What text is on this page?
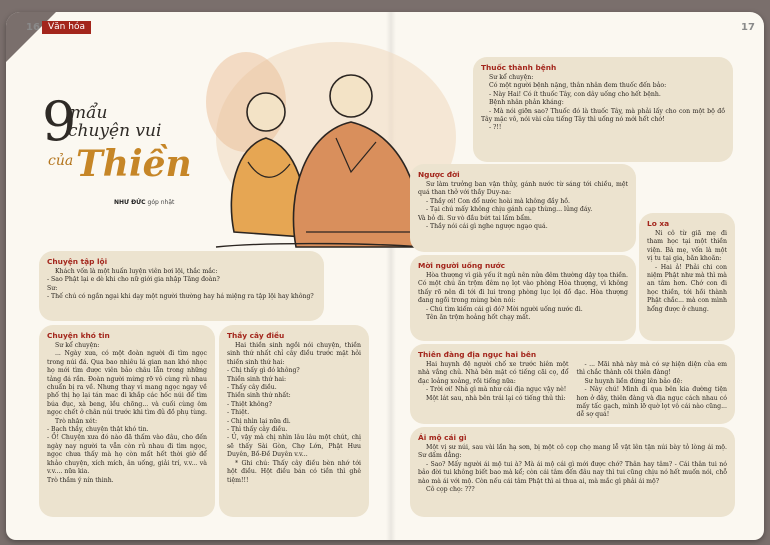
16 Văn hóa	17
9
mẩu
chuyện vui
của Thiền
NHƯ ĐỨC góp nhặt
Chuyện tập lội

Khách vốn là một huấn luyện viên bơi lội, thắc mắc:

- Sao Phật lại e dè khi cho nữ giới gia nhập Tăng đoàn?

Sư:

- Thế chú có ngần ngại khi dạy một người thường hay há miệng ra tập lội hay không?

Chuyện khó tin

Sư kể chuyện:

... Ngày xưa, có một đoàn người đi tìm ngọc trong núi đá. Qua bao nhiêu lá gian nan khó nhọc họ mới tìm được viên bảo châu lẫn trong những tảng đá rắn. Đoàn người mừng rỡ vô cùng rủ nhau chuẩn bị ra về. Nhưng thay vì mang ngọc ngay về phố thị họ lại tán mac đi khắp các hốc núi để tìm búa đục, xà beng, lều chõng... và cuối cùng ôm ngọc chết ở chân núi trước khi tìm đủ đồ phụ tùng.

Trò nhận xét:

- Bạch thầy, chuyện thật khó tin.

- Ồ! Chuyện xưa đó nào đã thấm vào đâu, cho đến ngày nay người ta vẫn còn rủ nhau đi tìm ngọc, ngọc chưa thấy mà họ còn mất hết thời giờ để khảo chuyện, xích mích, ân uống, giải trí, v.v... và v.v.... nữa kia.

Trò thầm ý nín thinh.

Thầy cây điều

Hai thiền sinh ngồi nói chuyện, thiền sinh thứ nhất chỉ cây điều trước mặt hỏi thiền sinh thứ hai:

- Chị thấy gì đó không?

Thiền sinh thứ hai:

- Thấy cây điều.

Thiền sinh thứ nhất:

- Thiệt không?

- Thiệt.

- Chị nhìn lại nữa đi.

- Thì thấy cây điều.

- Ủ, vậy mà chị nhìn lâu lâu một chút, chị sẽ thấy Sài Gòn, Chợ Lớn, Phật Hưu Duyên, Bồ-Đề Duyên v.v...

* Ghi chú: Thấy cây điều bèn nhớ tới hột điều. Hột điều bán có tiền thì ghê tiệm!!!

Thuốc thành bệnh

Sư kể chuyện:

Có một người bệnh nặng, thân nhân đem thuốc đến bảo:

- Này Hai! Có ít thuốc Tây, con dây uống cho hết bệnh.

Bệnh nhân phản kháng:

- Mà nói giỡn sao? Thuốc đó là thuốc Tây, mà phải lấy cho con một bộ đồ Tây mặc vô, nói vài câu tiếng Tây thì uống nó mới hết chớ!

- ?!!

Ngược đời

Sư làm trưởng ban vận thủy, gánh nước từ sáng tới chiều, mệt quá than thở với thầy Duy-na:

- Thầy ơi! Con đổ nước hoài mà không đầy hồ.

- Tại chú mấy không chịu gánh cạp thùng... lủng đáy.

Và bỏ đi. Sư vò đầu bứt tai lấm bẩm.

- Thầy nói cái gì nghe ngược ngạo quá.	Lo xa

Ni cô từ giã mẹ đi tham học tại một thiền viện. Bà mẹ, vốn là một vị tu tại gia, băn khoăn:

- Hai ả! Phải chi con niệm Phật như mà thì mà an tâm hơn. Chớ con đi học thiền, tới hồi thành Phật chắc... mà con mình hổng được ở chung.

Mời người uống nước

Hòa thượng vì già yếu ít ngủ nên nửa đêm thường dậy tọa thiền. Có một chú ăn trộm đêm nọ lọt vào phòng Hòa thượng, vì không thấy rõ nên đi tới đi lui trong phòng lục lọi đồ đạc. Hòa thượng đang ngồi trong mùng bèn nói:

- Chú tìm kiếm cái gì đó? Mời người uống nước đi.

Tên ăn trộm hoảng hốt chạy mất.

Thiên đàng địa ngục hai bên

Hai huynh đệ người chố xe trước hiên một nhà vắng chủ. Nhà bên mặt có tiếng cãi cọ, đổ đạc loảng xoảng, rồi tiếng nữa:

- Trời ơi! Nhà gì mà như cái địa ngục vậy nè!

Một lát sau, nhà bên trái lại có tiếng thủ thì:

- ... Mãi nhà này mà có sự hiện diện của em thì chắc thành cõi thiên đàng!

Sư huynh liền đứng lên bảo đệ:

- Này chú! Mình đi qua bên kia đường tiện hơn ở đây, thiên đàng và địa ngục cách nhau có mấy tấc gạch, mình lỡ quờ lọt vô cái nào cũng... dễ sợ quá!

Ái mộ cái gì

Một vị sư núi, sau vài lần hạ sơn, bị một cô cọp chọ mang lễ vật lên tận núi bày tỏ lòng ái mộ. Sư dấm dẳng:

- Sao? Mấy người ái mộ tui à? Mà ái mộ cái gì mới được chớ? Thân hay tâm? - Cái thân tui nó bảo đời tui không biết bao mà kể; còn cái tâm đến đâu nay thì tui cũng chịu nó hết muốn nói, chỗ nào mà ái với mộ. Còn nếu cái tâm Phật thì ai thua ai, mà mắc gì phải ái mộ?

Cô cọp chọ: ???
